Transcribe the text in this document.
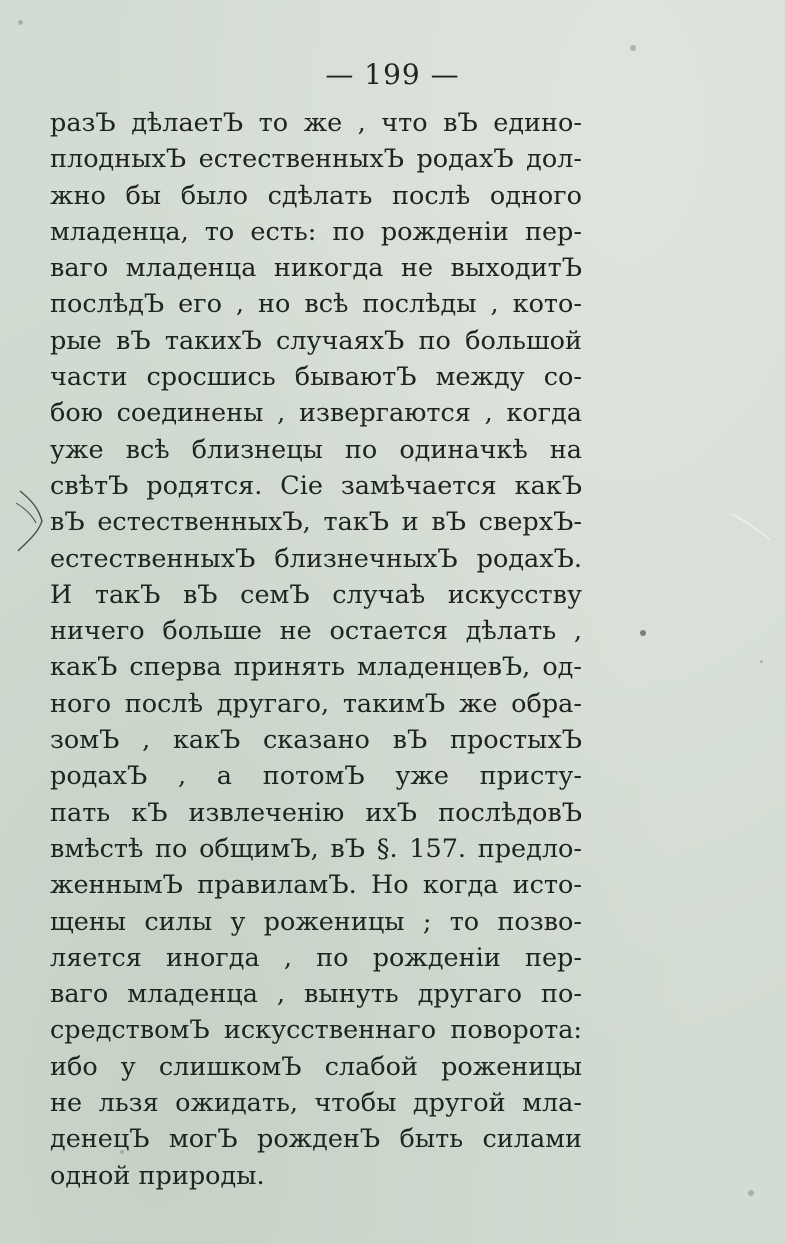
— 199 —
разЪ дѣлаетЪ то же , что вЪ едино-
плодныхЪ естественныхЪ родахЪ дол-
жно бы было сдѣлать послѣ одного
младенца, то есть: по рожденіи пер-
ваго младенца никогда не выходитЪ
послѣдЪ его , но всѣ послѣды , кото-
рые вЪ такихЪ случаяхЪ по большой
части сросшись бываютЪ между со-
бою соединены , извергаются , когда
уже всѣ близнецы по одиначкѣ на
свѣтЪ родятся. Сіе замѣчается какЪ
вЪ естественныхЪ, такЪ и вЪ сверхЪ-
естественныхЪ близнечныхЪ родахЪ.
И такЪ вЪ семЪ случаѣ искусству
ничего больше не остается дѣлать ,
какЪ сперва принять младенцевЪ, од-
ного послѣ другаго, такимЪ же обра-
зомЪ , какЪ сказано вЪ простыхЪ
родахЪ , а потомЪ уже присту-
пать кЪ извлеченію ихЪ послѣдовЪ
вмѣстѣ по общимЪ, вЪ §. 157. предло-
женнымЪ правиламЪ. Но когда исто-
щены силы у роженицы ; то позво-
ляется иногда , по рожденіи пер-
ваго младенца , вынуть другаго по-
средствомЪ искусственнаго поворота:
ибо у слишкомЪ слабой роженицы
не льзя ожидать, чтобы другой мла-
денецЪ могЪ рожденЪ быть силами
одной природы.
